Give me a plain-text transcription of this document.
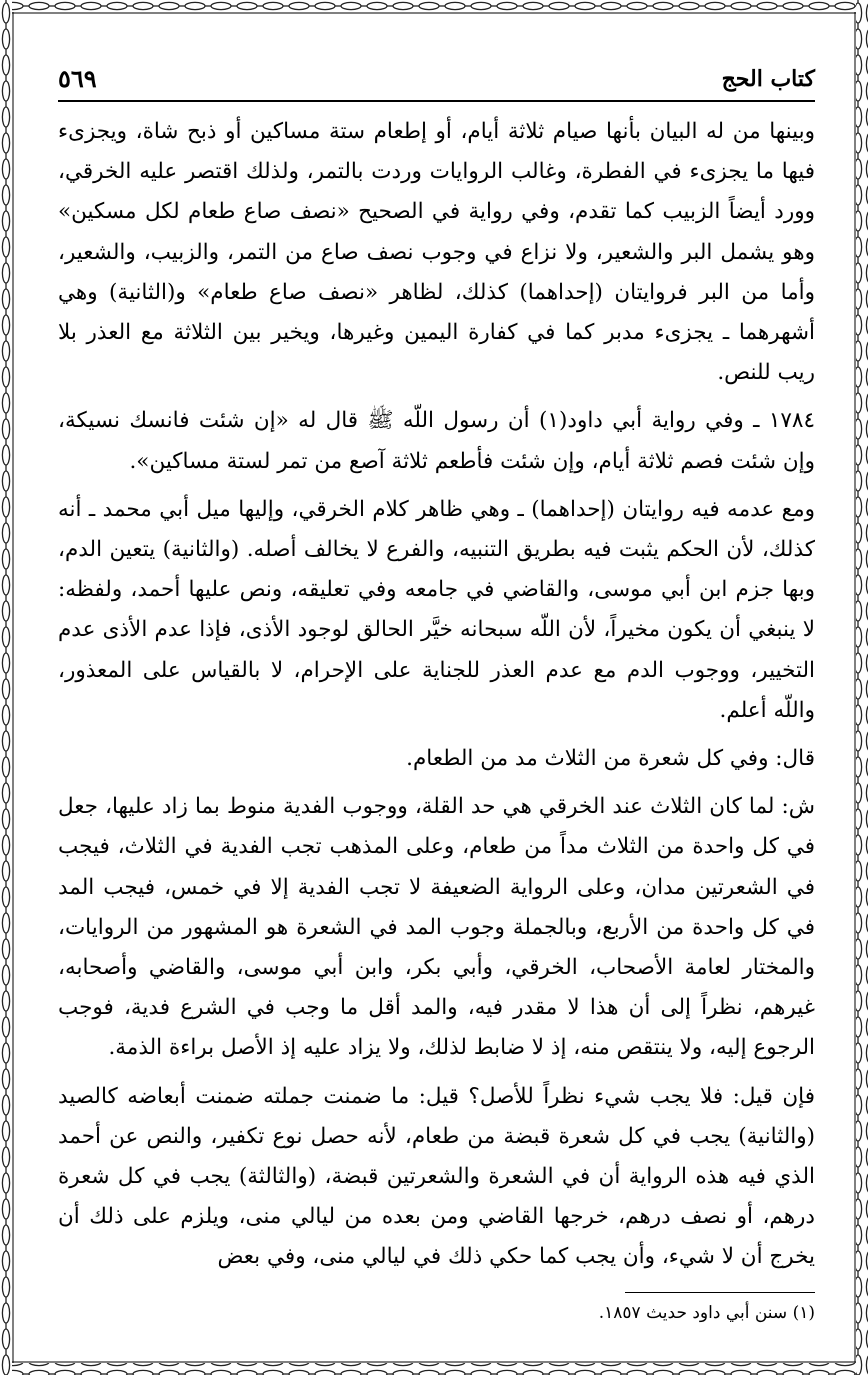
كتاب الحج
٥٦٩

وبينها من له البيان بأنها صيام ثلاثة أيام، أو إطعام ستة مساكين أو ذبح شاة، ويجزىء فيها ما يجزىء في الفطرة، وغالب الروايات وردت بالتمر، ولذلك اقتصر عليه الخرقي، وورد أيضاً الزبيب كما تقدم، وفي رواية في الصحيح «نصف صاع طعام لكل مسكين» وهو يشمل البر والشعير، ولا نزاع في وجوب نصف صاع من التمر، والزبيب، والشعير، وأما من البر فروايتان (إحداهما) كذلك، لظاهر «نصف صاع طعام» و(الثانية) وهي أشهرهما ـ يجزىء مدبر كما في كفارة اليمين وغيرها، ويخير بين الثلاثة مع العذر بلا ريب للنص.

١٧٨٤ ـ وفي رواية أبي داود(١) أن رسول اللّه ﷺ قال له «إن شئت فانسك نسيكة، وإن شئت فصم ثلاثة أيام، وإن شئت فأطعم ثلاثة آصع من تمر لستة مساكين».

ومع عدمه فيه روايتان (إحداهما) ـ وهي ظاهر كلام الخرقي، وإليها ميل أبي محمد ـ أنه كذلك، لأن الحكم يثبت فيه بطريق التنبيه، والفرع لا يخالف أصله. (والثانية) يتعين الدم، وبها جزم ابن أبي موسى، والقاضي في جامعه وفي تعليقه، ونص عليها أحمد، ولفظه: لا ينبغي أن يكون مخيراً، لأن اللّه سبحانه خيَّر الحالق لوجود الأذى، فإذا عدم الأذى عدم التخيير، ووجوب الدم مع عدم العذر للجناية على الإحرام، لا بالقياس على المعذور، واللّه أعلم.

قال: وفي كل شعرة من الثلاث مد من الطعام.

ش: لما كان الثلاث عند الخرقي هي حد القلة، ووجوب الفدية منوط بما زاد عليها، جعل في كل واحدة من الثلاث مداً من طعام، وعلى المذهب تجب الفدية في الثلاث، فيجب في الشعرتين مدان، وعلى الرواية الضعيفة لا تجب الفدية إلا في خمس، فيجب المد في كل واحدة من الأربع، وبالجملة وجوب المد في الشعرة هو المشهور من الروايات، والمختار لعامة الأصحاب، الخرقي، وأبي بكر، وابن أبي موسى، والقاضي وأصحابه، غيرهم، نظراً إلى أن هذا لا مقدر فيه، والمد أقل ما وجب في الشرع فدية، فوجب الرجوع إليه، ولا ينتقص منه، إذ لا ضابط لذلك، ولا يزاد عليه إذ الأصل براءة الذمة.

فإن قيل: فلا يجب شيء نظراً للأصل؟ قيل: ما ضمنت جملته ضمنت أبعاضه كالصيد (والثانية) يجب في كل شعرة قبضة من طعام، لأنه حصل نوع تكفير، والنص عن أحمد الذي فيه هذه الرواية أن في الشعرة والشعرتين قبضة، (والثالثة) يجب في كل شعرة درهم، أو نصف درهم، خرجها القاضي ومن بعده من ليالي منى، ويلزم على ذلك أن يخرج أن لا شيء، وأن يجب كما حكي ذلك في ليالي منى، وفي بعض

(١) سنن أبي داود حديث ١٨٥٧.
